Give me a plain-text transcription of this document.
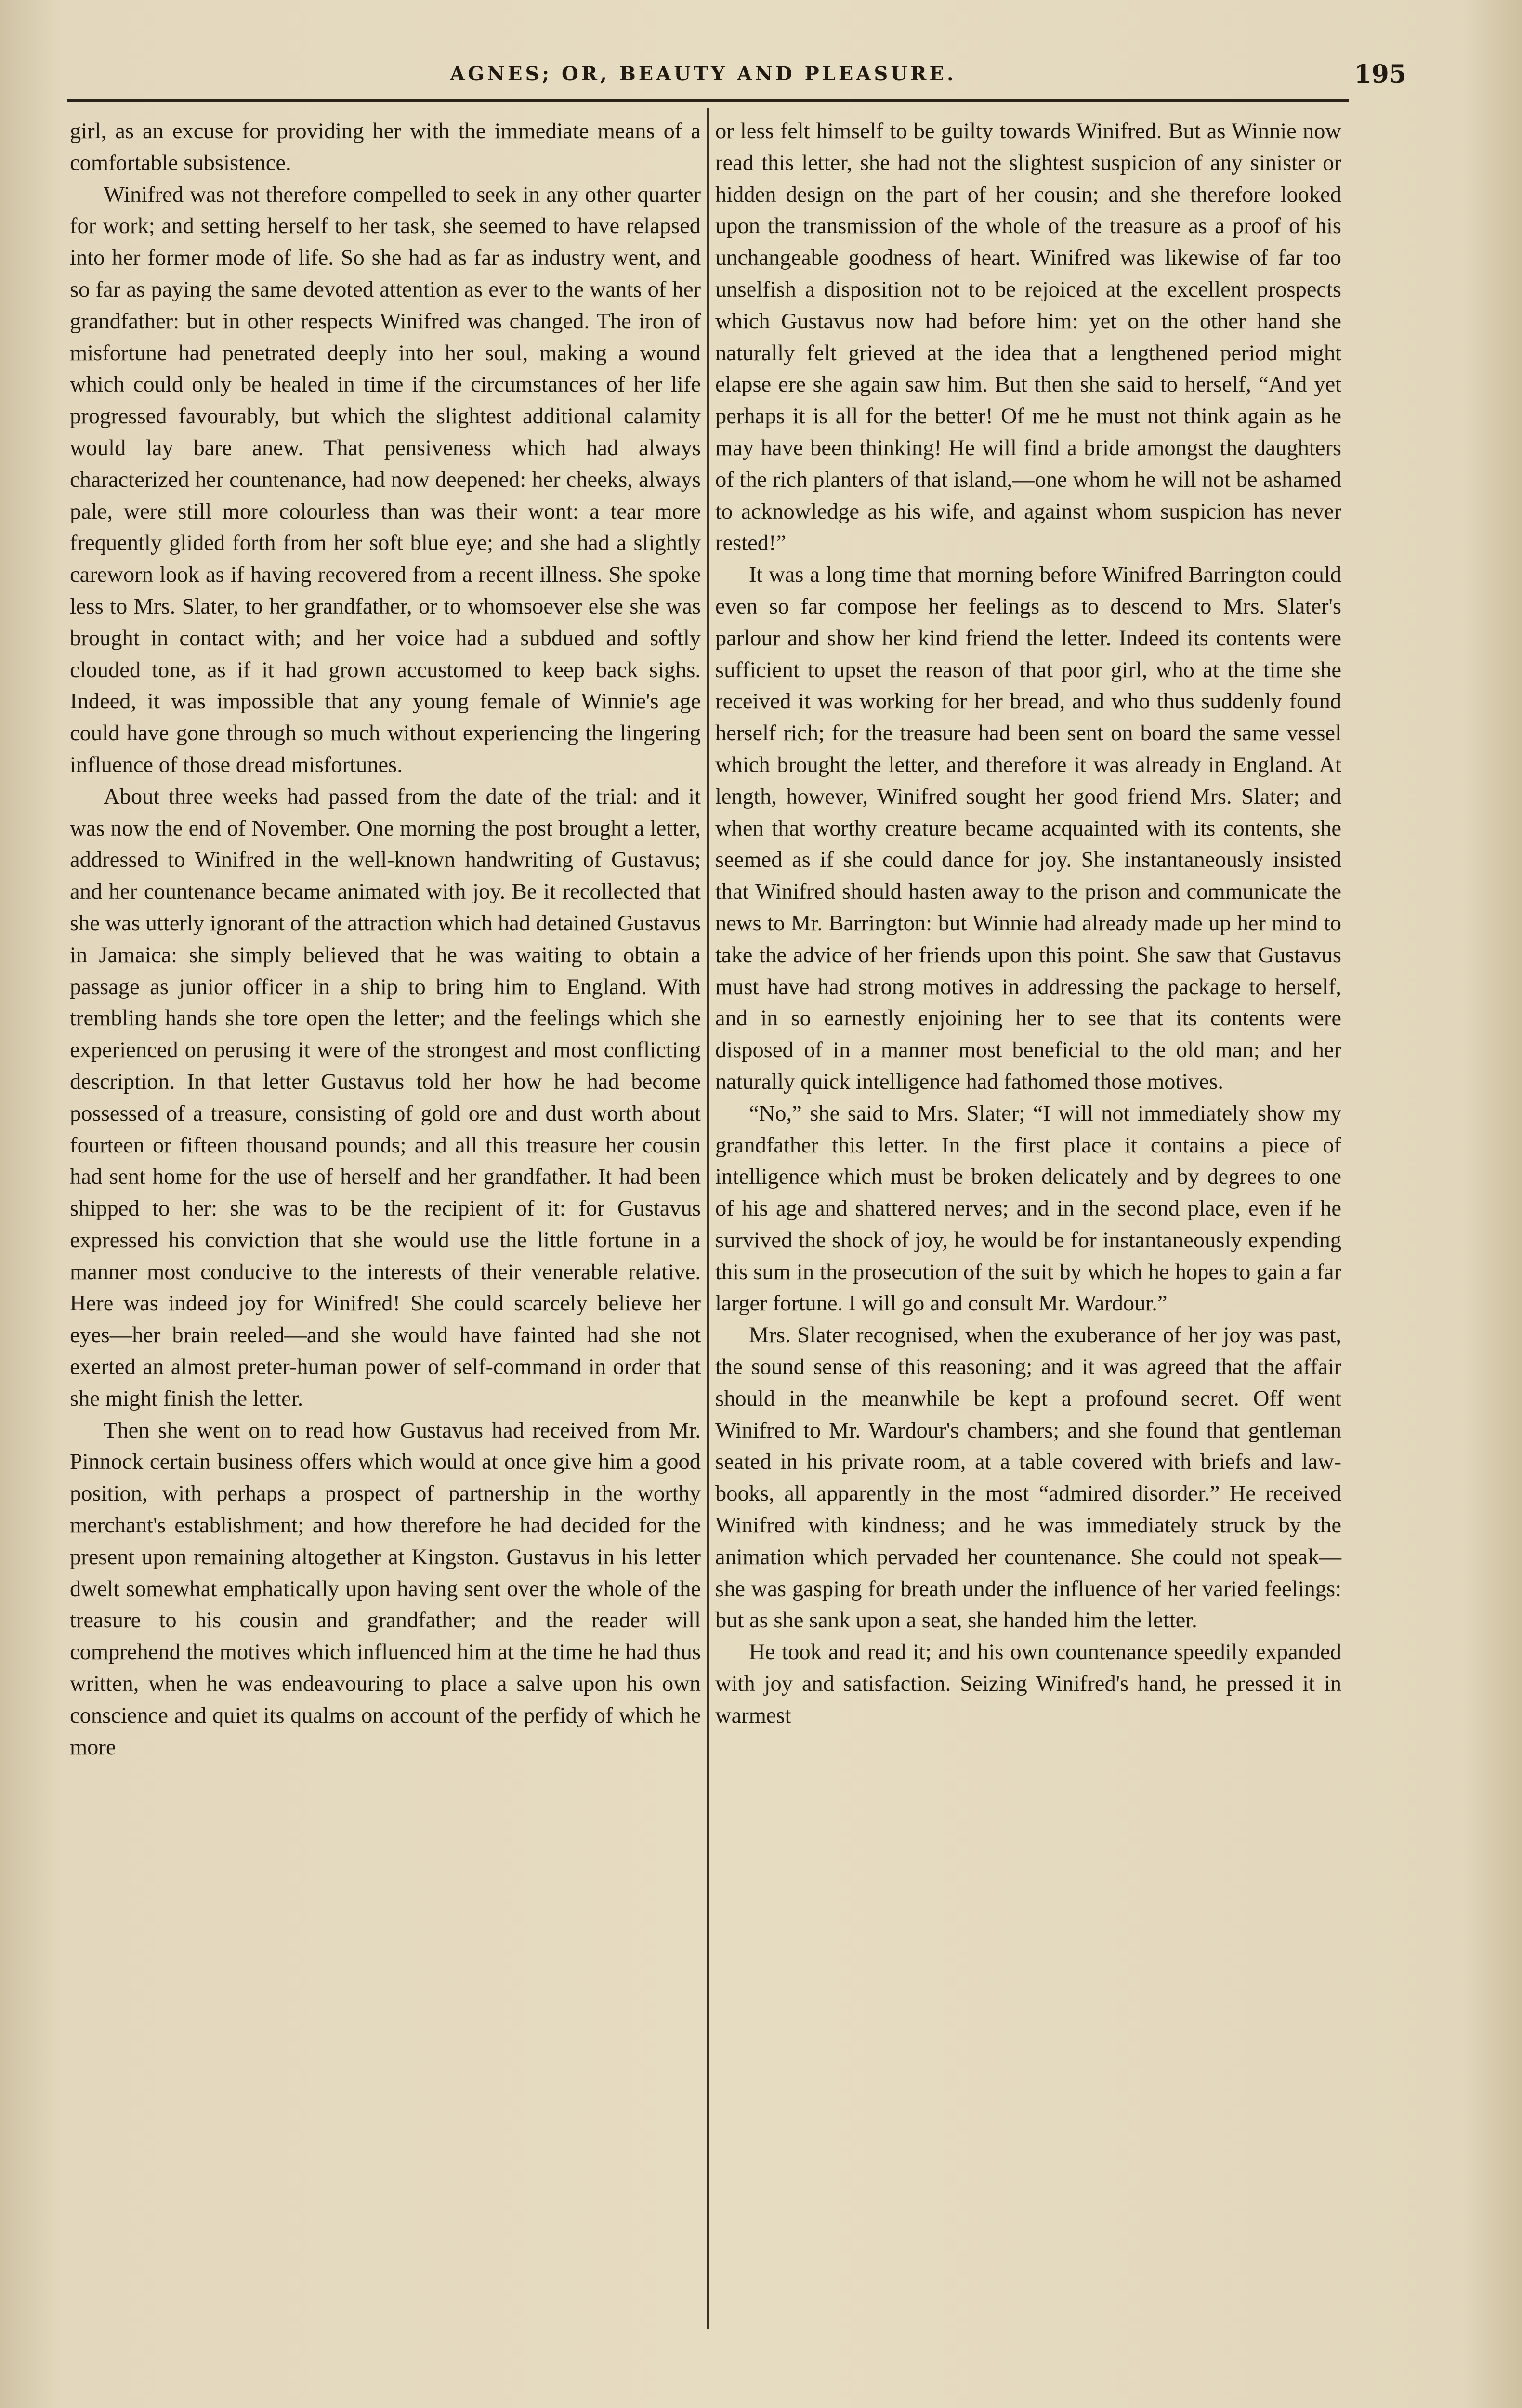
AGNES; OR, BEAUTY AND PLEASURE.	195

girl, as an excuse for providing her with the immediate means of a comfortable subsistence.

Winifred was not therefore compelled to seek in any other quarter for work; and setting herself to her task, she seemed to have relapsed into her former mode of life. So she had as far as industry went, and so far as paying the same devoted attention as ever to the wants of her grandfather: but in other respects Winifred was changed. The iron of misfortune had penetrated deeply into her soul, making a wound which could only be healed in time if the circumstances of her life progressed favourably, but which the slightest additional calamity would lay bare anew. That pensiveness which had always characterized her countenance, had now deepened: her cheeks, always pale, were still more colourless than was their wont: a tear more frequently glided forth from her soft blue eye; and she had a slightly careworn look as if having recovered from a recent illness. She spoke less to Mrs. Slater, to her grandfather, or to whomsoever else she was brought in contact with; and her voice had a subdued and softly clouded tone, as if it had grown accustomed to keep back sighs. Indeed, it was impossible that any young female of Winnie's age could have gone through so much without experiencing the lingering influence of those dread misfortunes.

About three weeks had passed from the date of the trial: and it was now the end of November. One morning the post brought a letter, addressed to Winifred in the well-known handwriting of Gustavus; and her countenance became animated with joy. Be it recollected that she was utterly ignorant of the attraction which had detained Gustavus in Jamaica: she simply believed that he was waiting to obtain a passage as junior officer in a ship to bring him to England. With trembling hands she tore open the letter; and the feelings which she experienced on perusing it were of the strongest and most conflicting description. In that letter Gustavus told her how he had become possessed of a treasure, consisting of gold ore and dust worth about fourteen or fifteen thousand pounds; and all this treasure her cousin had sent home for the use of herself and her grandfather. It had been shipped to her: she was to be the recipient of it: for Gustavus expressed his conviction that she would use the little fortune in a manner most conducive to the interests of their venerable relative. Here was indeed joy for Winifred! She could scarcely believe her eyes—her brain reeled—and she would have fainted had she not exerted an almost preter-human power of self-command in order that she might finish the letter.

Then she went on to read how Gustavus had received from Mr. Pinnock certain business offers which would at once give him a good position, with perhaps a prospect of partnership in the worthy merchant's establishment; and how therefore he had decided for the present upon remaining altogether at Kingston. Gustavus in his letter dwelt somewhat emphatically upon having sent over the whole of the treasure to his cousin and grandfather; and the reader will comprehend the motives which influenced him at the time he had thus written, when he was endeavouring to place a salve upon his own conscience and quiet its qualms on account of the perfidy of which he more

or less felt himself to be guilty towards Winifred. But as Winnie now read this letter, she had not the slightest suspicion of any sinister or hidden design on the part of her cousin; and she therefore looked upon the transmission of the whole of the treasure as a proof of his unchangeable goodness of heart. Winifred was likewise of far too unselfish a disposition not to be rejoiced at the excellent prospects which Gustavus now had before him: yet on the other hand she naturally felt grieved at the idea that a lengthened period might elapse ere she again saw him. But then she said to herself, “And yet perhaps it is all for the better! Of me he must not think again as he may have been thinking! He will find a bride amongst the daughters of the rich planters of that island,—one whom he will not be ashamed to acknowledge as his wife, and against whom suspicion has never rested!”

It was a long time that morning before Winifred Barrington could even so far compose her feelings as to descend to Mrs. Slater's parlour and show her kind friend the letter. Indeed its contents were sufficient to upset the reason of that poor girl, who at the time she received it was working for her bread, and who thus suddenly found herself rich; for the treasure had been sent on board the same vessel which brought the letter, and therefore it was already in England. At length, however, Winifred sought her good friend Mrs. Slater; and when that worthy creature became acquainted with its contents, she seemed as if she could dance for joy. She instantaneously insisted that Winifred should hasten away to the prison and communicate the news to Mr. Barrington: but Winnie had already made up her mind to take the advice of her friends upon this point. She saw that Gustavus must have had strong motives in addressing the package to herself, and in so earnestly enjoining her to see that its contents were disposed of in a manner most beneficial to the old man; and her naturally quick intelligence had fathomed those motives.

“No,” she said to Mrs. Slater; “I will not immediately show my grandfather this letter. In the first place it contains a piece of intelligence which must be broken delicately and by degrees to one of his age and shattered nerves; and in the second place, even if he survived the shock of joy, he would be for instantaneously expending this sum in the prosecution of the suit by which he hopes to gain a far larger fortune. I will go and consult Mr. Wardour.”

Mrs. Slater recognised, when the exuberance of her joy was past, the sound sense of this reasoning; and it was agreed that the affair should in the meanwhile be kept a profound secret. Off went Winifred to Mr. Wardour's chambers; and she found that gentleman seated in his private room, at a table covered with briefs and law-books, all apparently in the most “admired disorder.” He received Winifred with kindness; and he was immediately struck by the animation which pervaded her countenance. She could not speak—she was gasping for breath under the influence of her varied feelings: but as she sank upon a seat, she handed him the letter.

He took and read it; and his own countenance speedily expanded with joy and satisfaction. Seizing Winifred's hand, he pressed it in warmest
